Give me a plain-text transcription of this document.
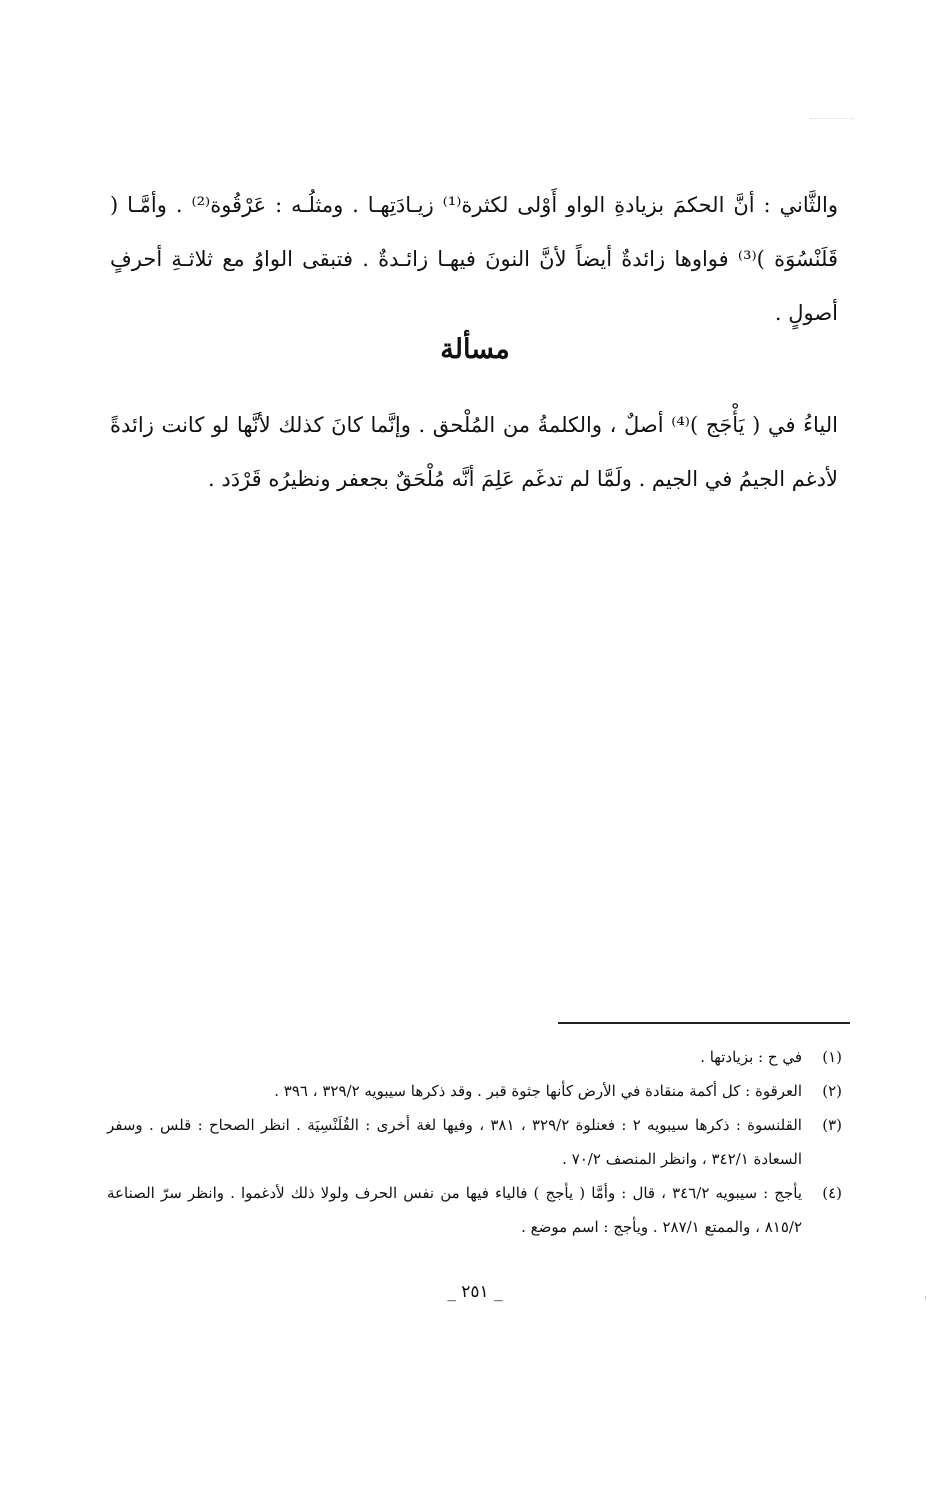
والثَّاني : أنَّ الحكمَ بزيادةِ الواو أَوْلى لكثرة⁽¹⁾ زيـادَتِهـا . ومثلُـه : عَرْقُوة⁽²⁾ . وأمَّـا ( قَلَنْسُوَة )⁽³⁾ فواوها زائدةٌ أيضاً لأنَّ النونَ فيهـا زائـدةٌ . فتبقى الواوُ مع ثلاثـةِ أحرفٍ أصولٍ .

مسألة

الياءُ في ( يَأْجَج )⁽⁴⁾ أصلٌ ، والكلمةُ من المُلْحق . وإنَّما كانَ كذلك لأنَّها لو كانت زائدةً لأدغم الجيمُ في الجيم . ولَمَّا لم تدغَم عَلِمَ أنَّه مُلْحَقٌ بجعفر ونظيرُه قَرْدَد .

(١)
في ح : بزيادتها .
(٢)
العرقوة : كل أكمة منقادة في الأرض كأنها جثوة قبر . وقد ذكرها سيبويه ٣٢٩/٢ ، ٣٩٦ .
(٣)
القلنسوة : ذكرها سيبويه ٢ : فعنلوة ٣٢٩/٢ ، ٣٨١ ، وفيها لغة أخرى : القُلَنْسِيَة . انظر الصحاح : قلس . وسفر السعادة ٣٤٢/١ ، وانظر المنصف ٧٠/٢ .
(٤)
يأجج : سيبويه ٣٤٦/٢ ، قال : وأمَّا ( يأجج ) فالياء فيها من نفس الحرف ولولا ذلك لأدغموا . وانظر سرّ الصناعة ٨١٥/٢ ، والممتع ٢٨٧/١ . ويأجج : اسم موضع .
_ ٢٥١ _
